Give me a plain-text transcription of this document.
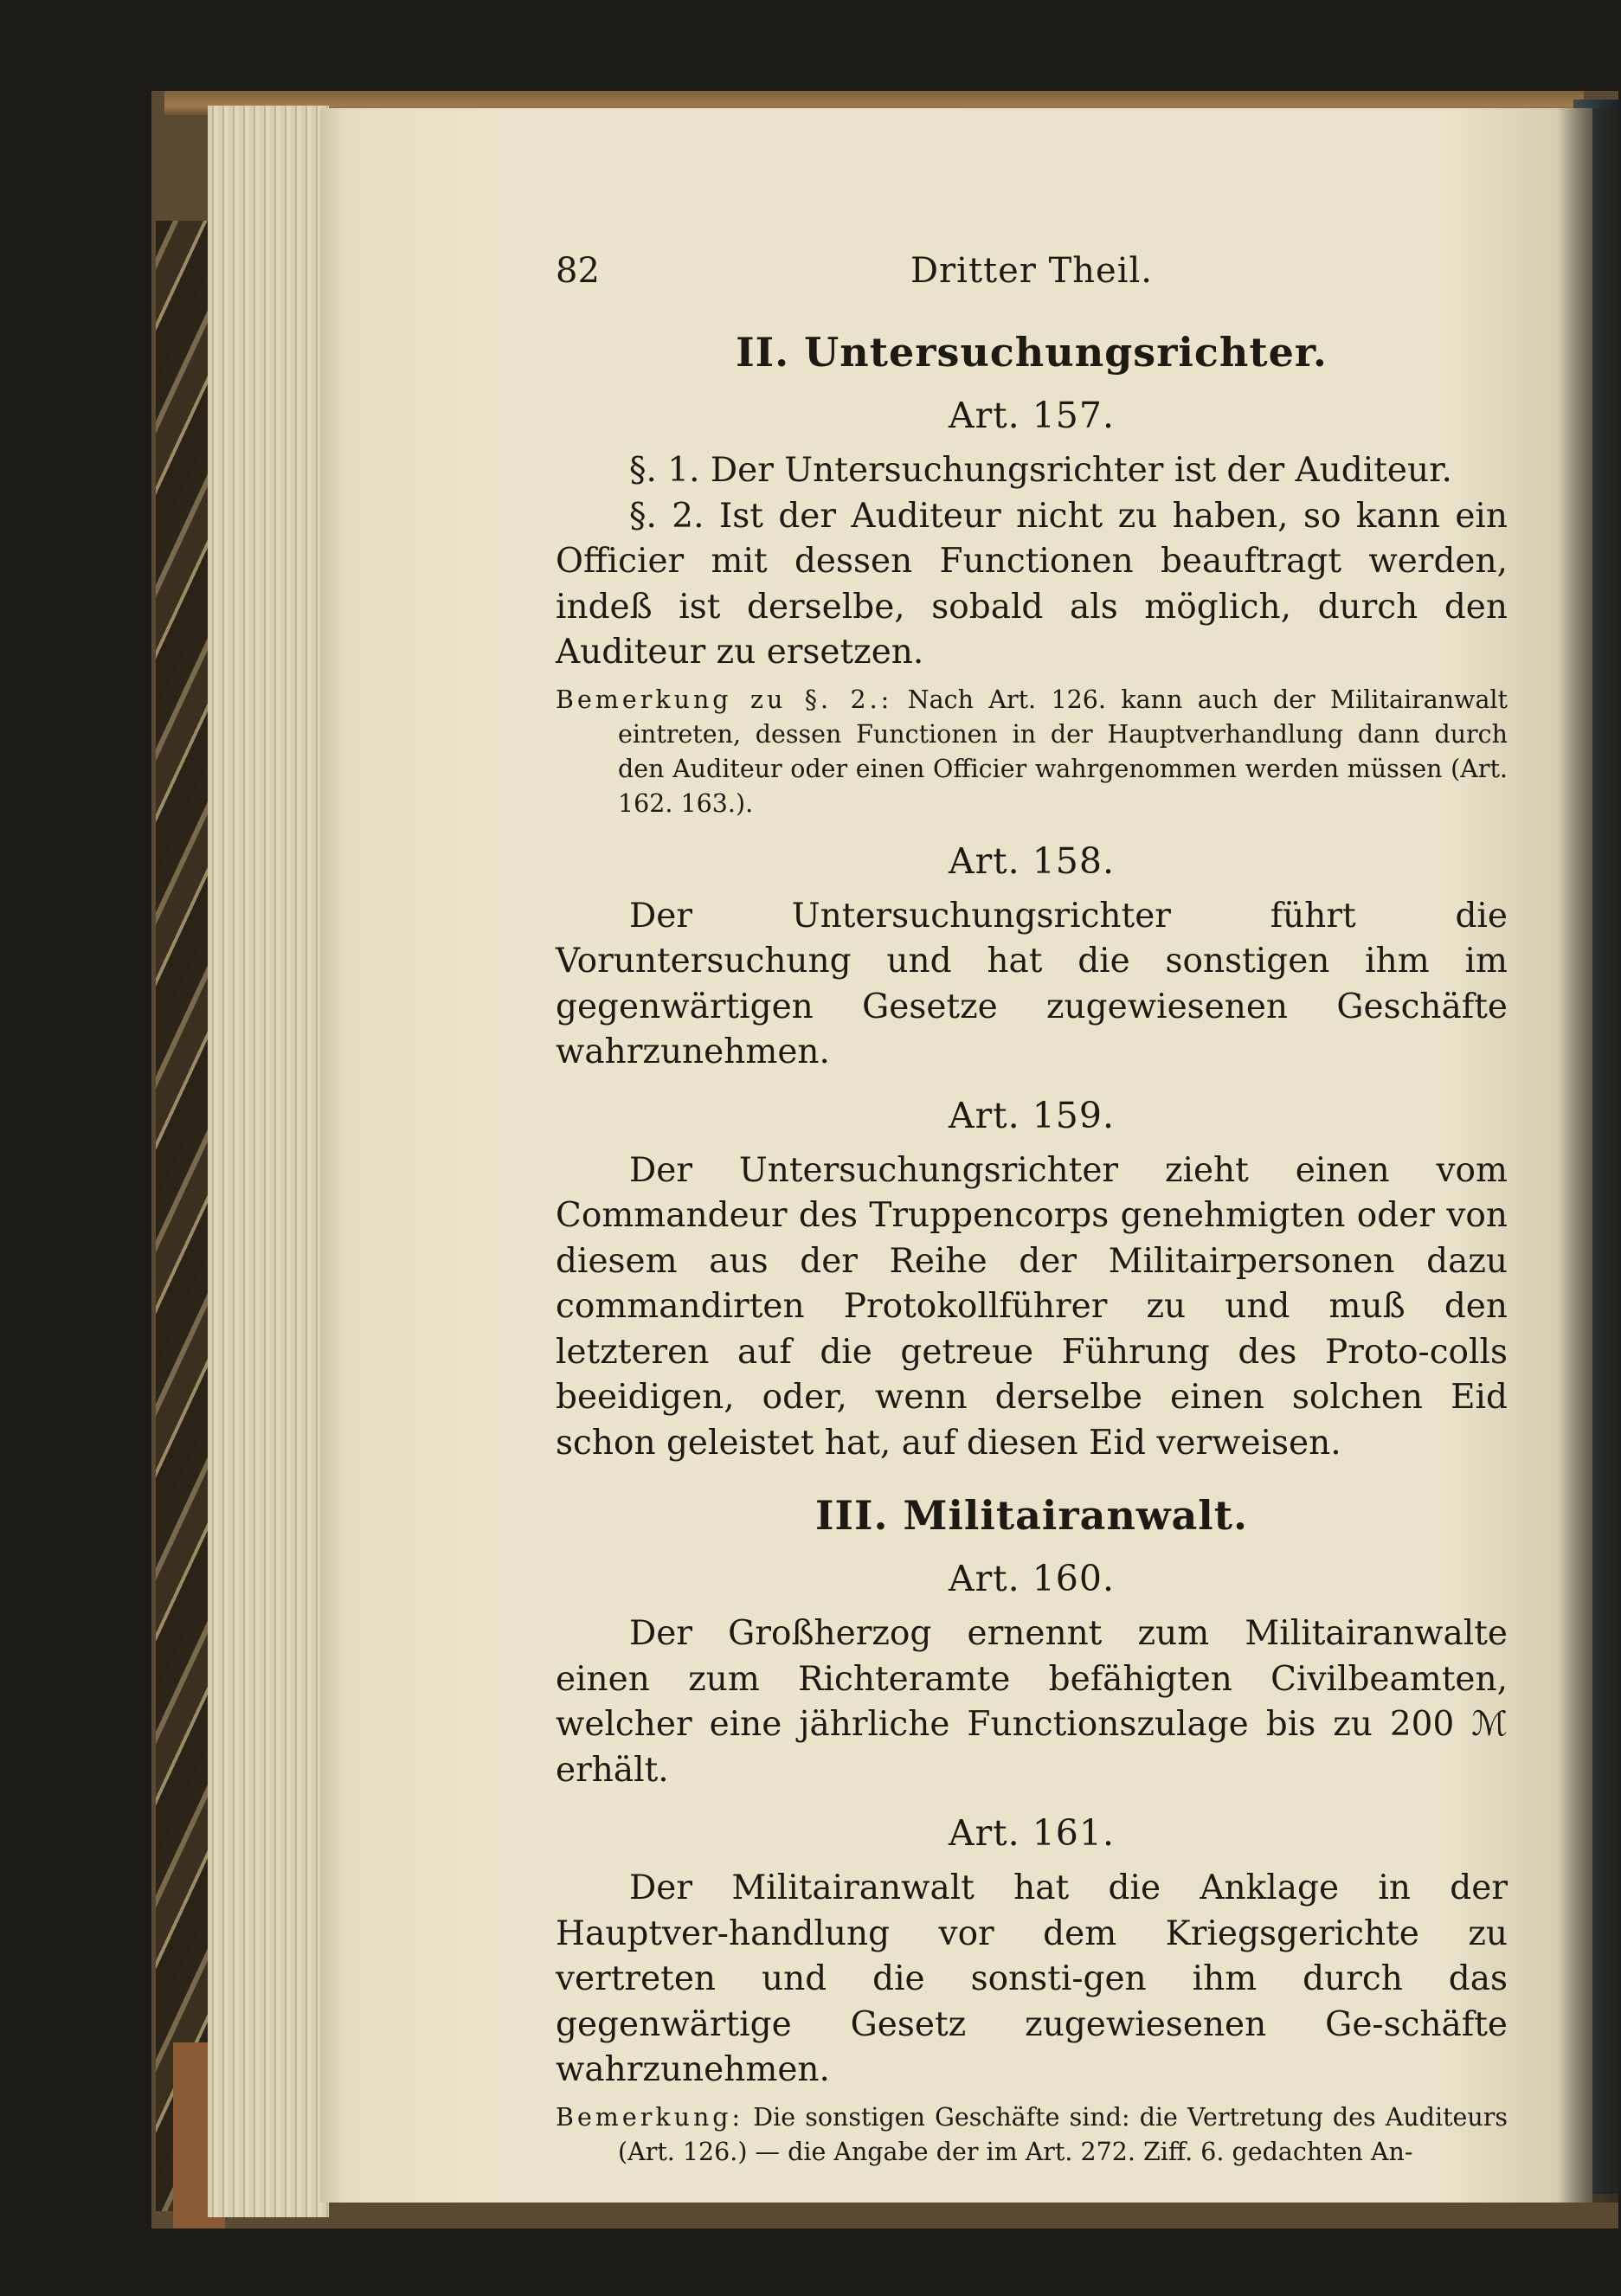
82	Dritter Theil.
II. Untersuchungsrichter.
Art. 157.

§. 1. Der Untersuchungsrichter ist der Auditeur.

§. 2. Ist der Auditeur nicht zu haben, so kann ein Officier mit dessen Functionen beauftragt werden, indeß ist derselbe, sobald als möglich, durch den Auditeur zu ersetzen.

Bemerkung zu §. 2.: Nach Art. 126. kann auch der Militairanwalt eintreten, dessen Functionen in der Hauptverhandlung dann durch den Auditeur oder einen Officier wahrgenommen werden müssen (Art. 162. 163.).
Art. 158.

Der Untersuchungsrichter führt die Voruntersuchung und hat die sonstigen ihm im gegenwärtigen Gesetze zugewiesenen Geschäfte wahrzunehmen.

Art. 159.

Der Untersuchungsrichter zieht einen vom Commandeur des Truppencorps genehmigten oder von diesem aus der Reihe der Militairpersonen dazu commandirten Protokollführer zu und muß den letzteren auf die getreue Führung des Proto-colls beeidigen, oder, wenn derselbe einen solchen Eid schon geleistet hat, auf diesen Eid verweisen.

III. Militairanwalt.
Art. 160.

Der Großherzog ernennt zum Militairanwalte einen zum Richteramte befähigten Civilbeamten, welcher eine jährliche Functionszulage bis zu 200 ℳ erhält.

Art. 161.

Der Militairanwalt hat die Anklage in der Hauptver-handlung vor dem Kriegsgerichte zu vertreten und die sonsti-gen ihm durch das gegenwärtige Gesetz zugewiesenen Ge-schäfte wahrzunehmen.

Bemerkung: Die sonstigen Geschäfte sind: die Vertretung des Auditeurs (Art. 126.) — die Angabe der im Art. 272. Ziff. 6. gedachten An-
